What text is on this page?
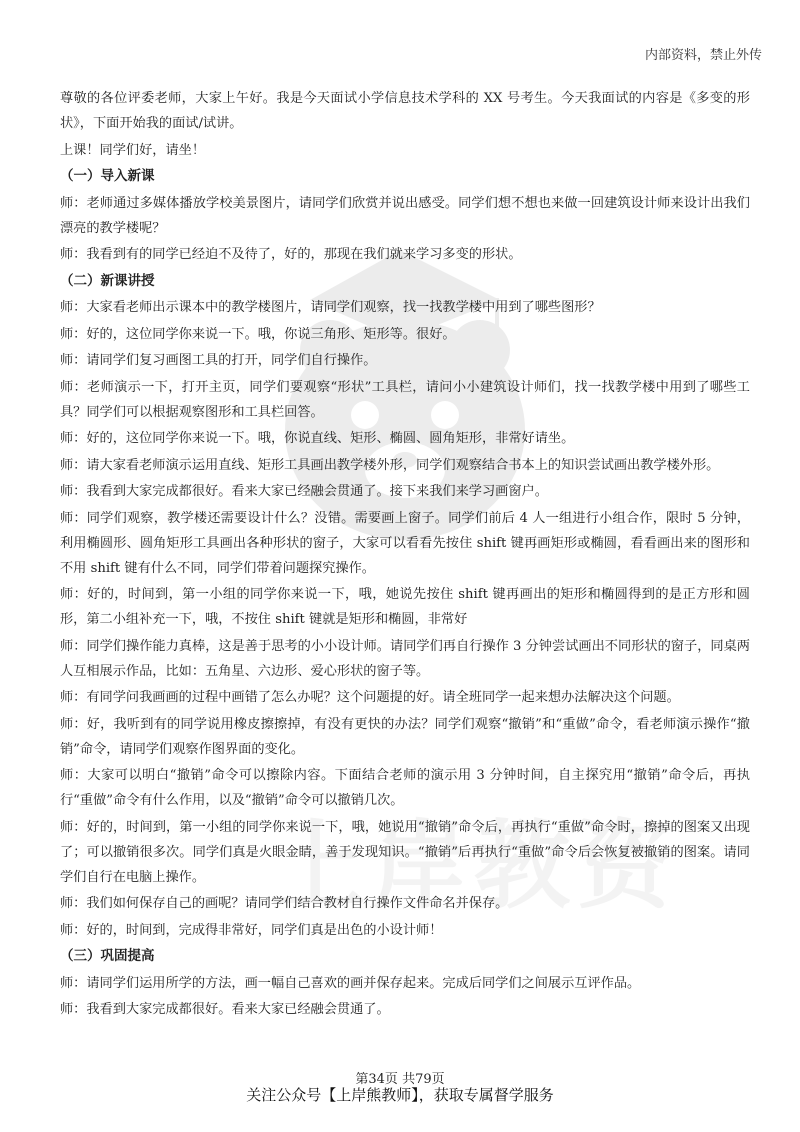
内部资料，禁止外传

尊敬的各位评委老师，大家上午好。我是今天面试小学信息技术学科的 XX 号考生。今天我面试的内容是《多变的形状》，下面开始我的面试/试讲。

上课！同学们好，请坐！

（一）导入新课

师：老师通过多媒体播放学校美景图片，请同学们欣赏并说出感受。同学们想不想也来做一回建筑设计师来设计出我们漂亮的教学楼呢？

师：我看到有的同学已经迫不及待了，好的，那现在我们就来学习多变的形状。

（二）新课讲授

师：大家看老师出示课本中的教学楼图片，请同学们观察，找一找教学楼中用到了哪些图形？

师：好的，这位同学你来说一下。哦，你说三角形、矩形等。很好。

师：请同学们复习画图工具的打开，同学们自行操作。

师：老师演示一下，打开主页，同学们要观察“形状”工具栏，请问小小建筑设计师们，找一找教学楼中用到了哪些工具？同学们可以根据观察图形和工具栏回答。

师：好的，这位同学你来说一下。哦，你说直线、矩形、椭圆、圆角矩形，非常好请坐。

师：请大家看老师演示运用直线、矩形工具画出教学楼外形，同学们观察结合书本上的知识尝试画出教学楼外形。

师：我看到大家完成都很好。看来大家已经融会贯通了。接下来我们来学习画窗户。

师：同学们观察，教学楼还需要设计什么？没错。需要画上窗子。同学们前后 4 人一组进行小组合作，限时 5 分钟，利用椭圆形、圆角矩形工具画出各种形状的窗子，大家可以看看先按住 shift 键再画矩形或椭圆，看看画出来的图形和不用 shift 键有什么不同，同学们带着问题探究操作。

师：好的，时间到，第一小组的同学你来说一下，哦，她说先按住 shift 键再画出的矩形和椭圆得到的是正方形和圆形，第二小组补充一下，哦，不按住 shift 键就是矩形和椭圆，非常好

师：同学们操作能力真棒，这是善于思考的小小设计师。请同学们再自行操作 3 分钟尝试画出不同形状的窗子，同桌两人互相展示作品，比如：五角星、六边形、爱心形状的窗子等。

师：有同学问我画画的过程中画错了怎么办呢？这个问题提的好。请全班同学一起来想办法解决这个问题。

师：好，我听到有的同学说用橡皮擦擦掉，有没有更快的办法？同学们观察“撤销”和“重做”命令，看老师演示操作“撤销”命令，请同学们观察作图界面的变化。

师：大家可以明白“撤销”命令可以擦除内容。下面结合老师的演示用 3 分钟时间，自主探究用“撤销”命令后，再执行“重做”命令有什么作用，以及“撤销”命令可以撤销几次。

师：好的，时间到，第一小组的同学你来说一下，哦，她说用“撤销”命令后，再执行“重做”命令时，擦掉的图案又出现了；可以撤销很多次。同学们真是火眼金睛，善于发现知识。“撤销”后再执行“重做”命令后会恢复被撤销的图案。请同学们自行在电脑上操作。

师：我们如何保存自己的画呢？请同学们结合教材自行操作文件命名并保存。

师：好的，时间到，完成得非常好，同学们真是出色的小设计师！

（三）巩固提高

师：请同学们运用所学的方法，画一幅自己喜欢的画并保存起来。完成后同学们之间展示互评作品。

师：我看到大家完成都很好。看来大家已经融会贯通了。

第34页 共79页
关注公众号【上岸熊教师】，获取专属督学服务
